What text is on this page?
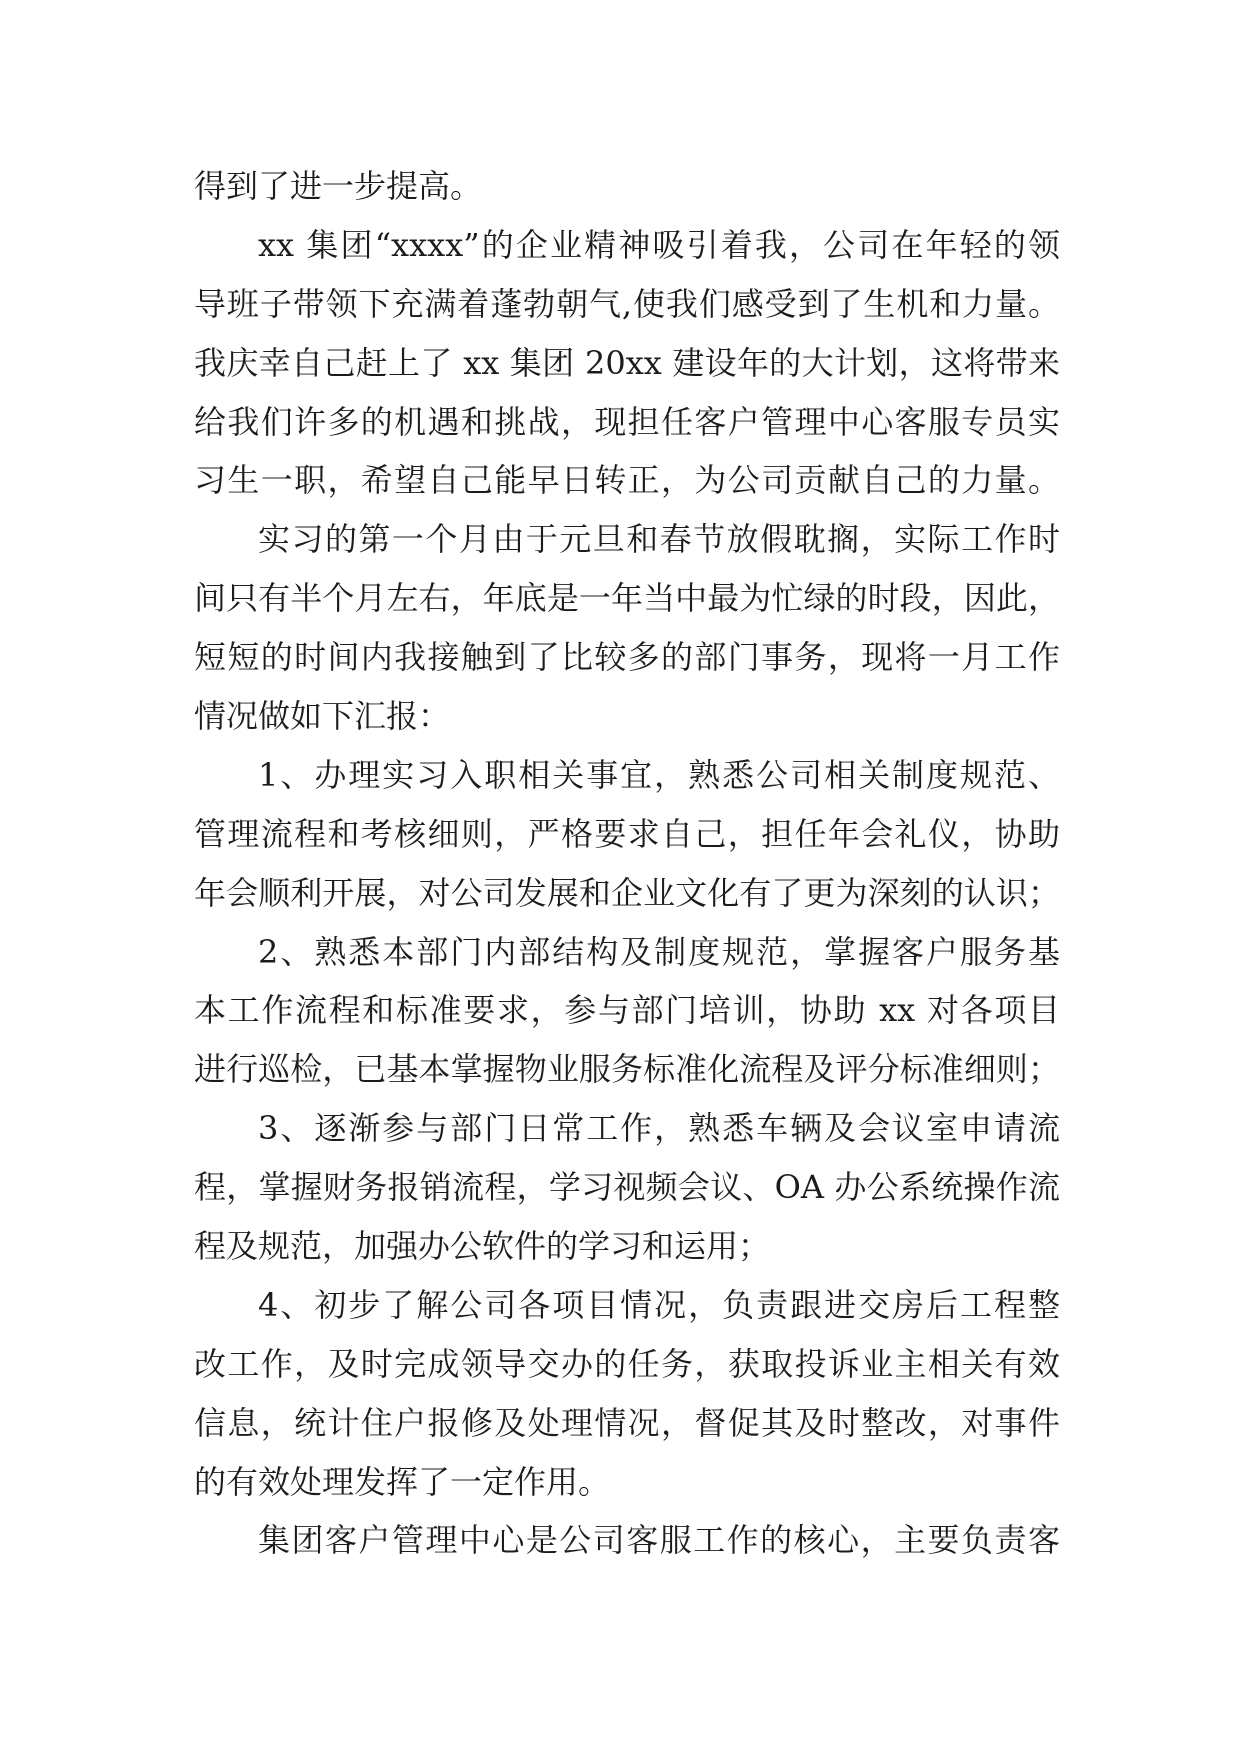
得到了进一步提高。
xx 集团“xxxx”的企业精神吸引着我，公司在年轻的领
导班子带领下充满着蓬勃朝气,使我们感受到了生机和力量。
我庆幸自己赶上了 xx 集团 20xx 建设年的大计划，这将带来
给我们许多的机遇和挑战，现担任客户管理中心客服专员实
习生一职，希望自己能早日转正，为公司贡献自己的力量。
实习的第一个月由于元旦和春节放假耽搁，实际工作时
间只有半个月左右，年底是一年当中最为忙绿的时段，因此，
短短的时间内我接触到了比较多的部门事务，现将一月工作
情况做如下汇报：
1、办理实习入职相关事宜，熟悉公司相关制度规范、
管理流程和考核细则，严格要求自己，担任年会礼仪，协助
年会顺利开展，对公司发展和企业文化有了更为深刻的认识；
2、熟悉本部门内部结构及制度规范，掌握客户服务基
本工作流程和标准要求，参与部门培训，协助 xx 对各项目
进行巡检，已基本掌握物业服务标准化流程及评分标准细则；
3、逐渐参与部门日常工作，熟悉车辆及会议室申请流
程，掌握财务报销流程，学习视频会议、OA 办公系统操作流
程及规范，加强办公软件的学习和运用；
4、初步了解公司各项目情况，负责跟进交房后工程整
改工作，及时完成领导交办的任务，获取投诉业主相关有效
信息，统计住户报修及处理情况，督促其及时整改，对事件
的有效处理发挥了一定作用。
集团客户管理中心是公司客服工作的核心，主要负责客
